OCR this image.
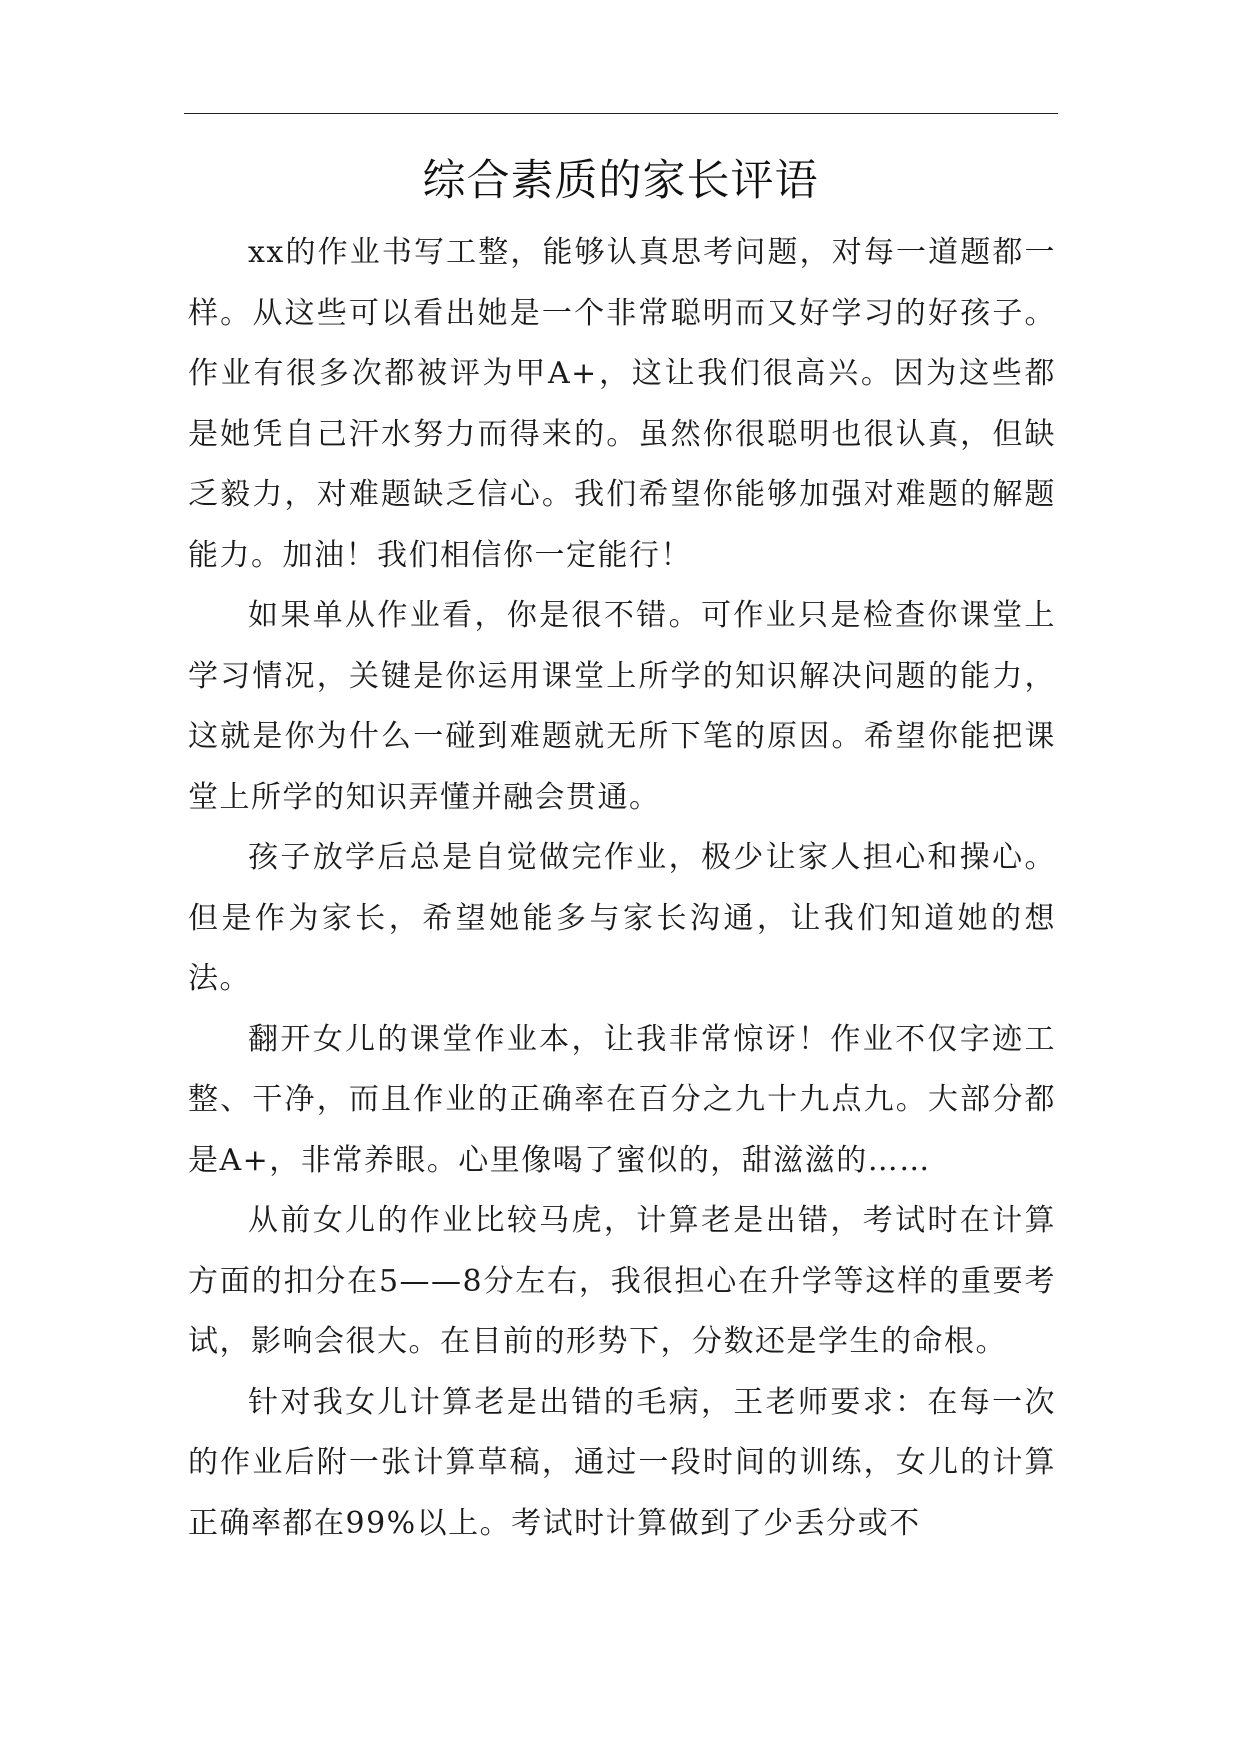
综合素质的家长评语

xx的作业书写工整，能够认真思考问题，对每一道题都一样。从这些可以看出她是一个非常聪明而又好学习的好孩子。作业有很多次都被评为甲A+，这让我们很高兴。因为这些都是她凭自己汗水努力而得来的。虽然你很聪明也很认真，但缺乏毅力，对难题缺乏信心。我们希望你能够加强对难题的解题能力。加油！我们相信你一定能行！

如果单从作业看，你是很不错。可作业只是检查你课堂上学习情况，关键是你运用课堂上所学的知识解决问题的能力，这就是你为什么一碰到难题就无所下笔的原因。希望你能把课堂上所学的知识弄懂并融会贯通。

孩子放学后总是自觉做完作业，极少让家人担心和操心。但是作为家长，希望她能多与家长沟通，让我们知道她的想法。

翻开女儿的课堂作业本，让我非常惊讶！作业不仅字迹工整、干净，而且作业的正确率在百分之九十九点九。大部分都是A+，非常养眼。心里像喝了蜜似的，甜滋滋的……

从前女儿的作业比较马虎，计算老是出错，考试时在计算方面的扣分在5——8分左右，我很担心在升学等这样的重要考试，影响会很大。在目前的形势下，分数还是学生的命根。

针对我女儿计算老是出错的毛病，王老师要求：在每一次的作业后附一张计算草稿，通过一段时间的训练，女儿的计算正确率都在99%以上。考试时计算做到了少丢分或不
